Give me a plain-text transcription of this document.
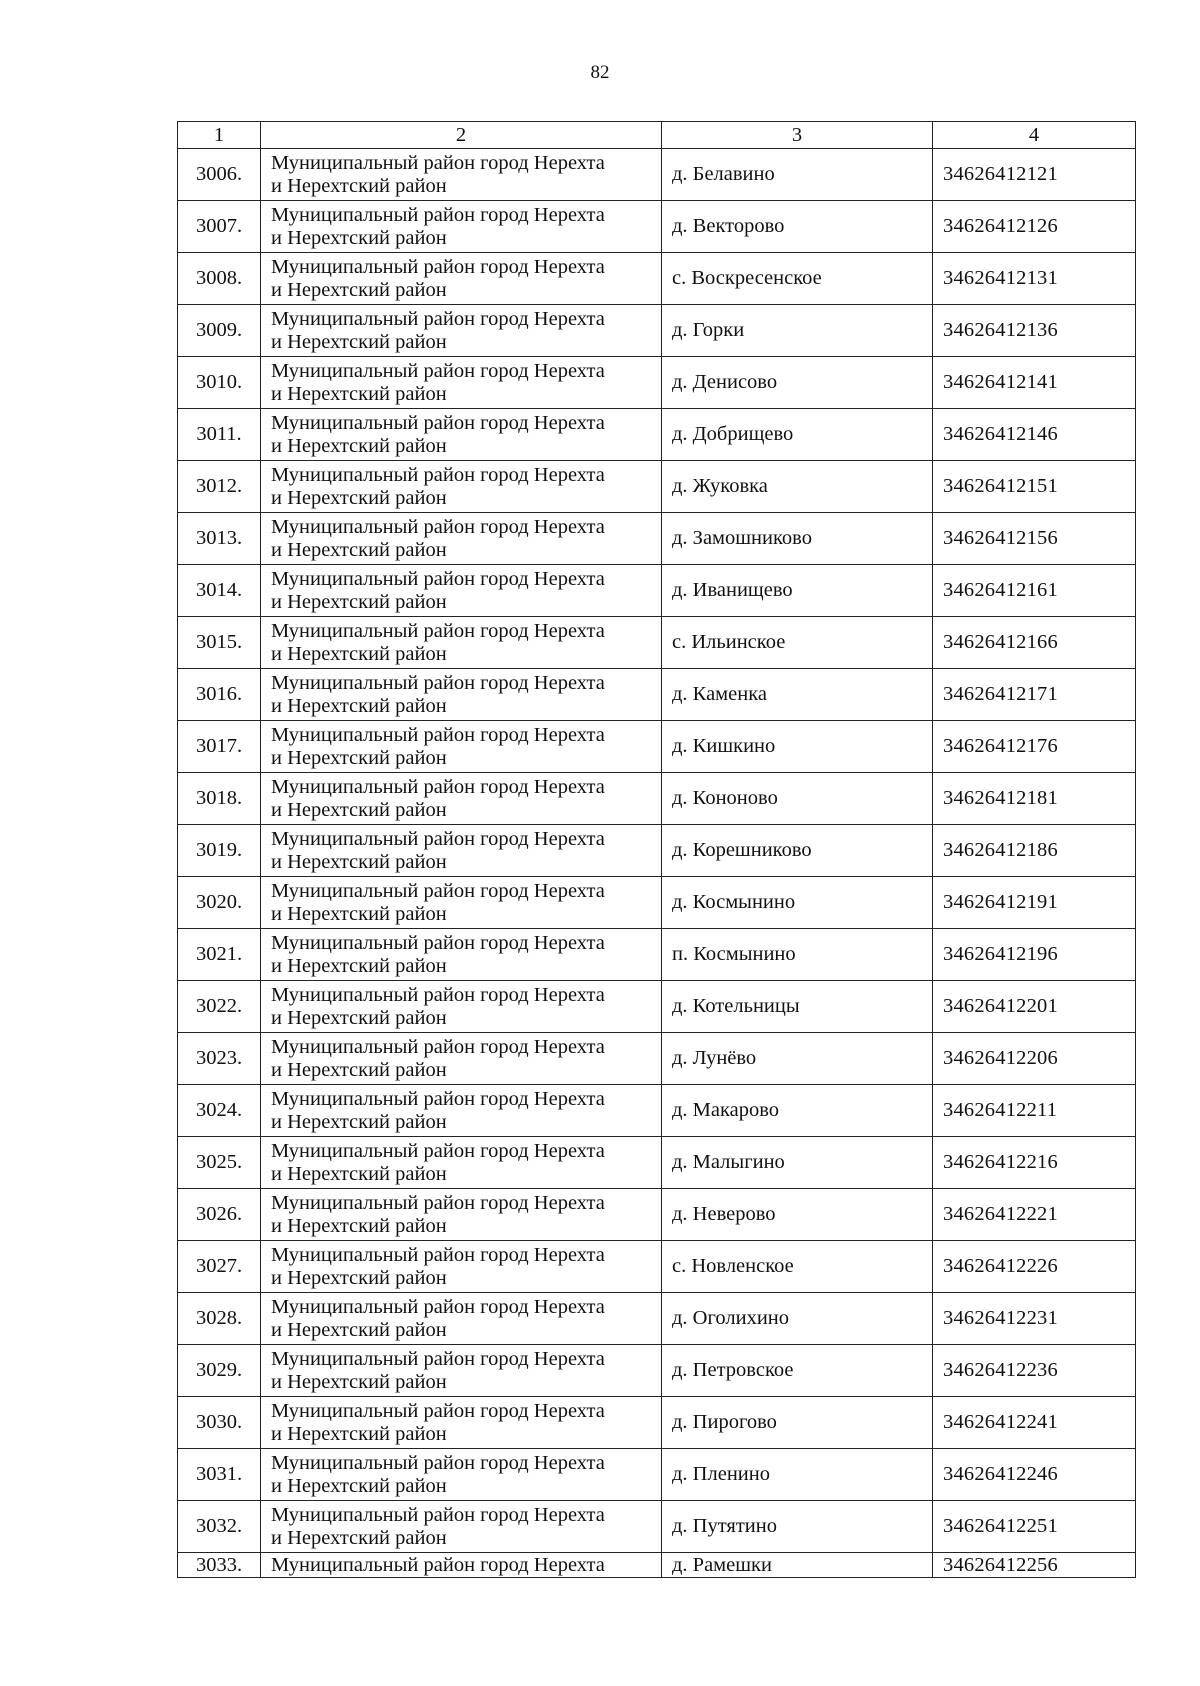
82
1	2	3	4
3006.	Муниципальный район город Нерехта
и Нерехтский район	д. Белавино	34626412121
3007.	Муниципальный район город Нерехта
и Нерехтский район	д. Векторово	34626412126
3008.	Муниципальный район город Нерехта
и Нерехтский район	с. Воскресенское	34626412131
3009.	Муниципальный район город Нерехта
и Нерехтский район	д. Горки	34626412136
3010.	Муниципальный район город Нерехта
и Нерехтский район	д. Денисово	34626412141
3011.	Муниципальный район город Нерехта
и Нерехтский район	д. Добрищево	34626412146
3012.	Муниципальный район город Нерехта
и Нерехтский район	д. Жуковка	34626412151
3013.	Муниципальный район город Нерехта
и Нерехтский район	д. Замошниково	34626412156
3014.	Муниципальный район город Нерехта
и Нерехтский район	д. Иванищево	34626412161
3015.	Муниципальный район город Нерехта
и Нерехтский район	с. Ильинское	34626412166
3016.	Муниципальный район город Нерехта
и Нерехтский район	д. Каменка	34626412171
3017.	Муниципальный район город Нерехта
и Нерехтский район	д. Кишкино	34626412176
3018.	Муниципальный район город Нерехта
и Нерехтский район	д. Кононово	34626412181
3019.	Муниципальный район город Нерехта
и Нерехтский район	д. Корешниково	34626412186
3020.	Муниципальный район город Нерехта
и Нерехтский район	д. Космынино	34626412191
3021.	Муниципальный район город Нерехта
и Нерехтский район	п. Космынино	34626412196
3022.	Муниципальный район город Нерехта
и Нерехтский район	д. Котельницы	34626412201
3023.	Муниципальный район город Нерехта
и Нерехтский район	д. Лунёво	34626412206
3024.	Муниципальный район город Нерехта
и Нерехтский район	д. Макарово	34626412211
3025.	Муниципальный район город Нерехта
и Нерехтский район	д. Малыгино	34626412216
3026.	Муниципальный район город Нерехта
и Нерехтский район	д. Неверово	34626412221
3027.	Муниципальный район город Нерехта
и Нерехтский район	с. Новленское	34626412226
3028.	Муниципальный район город Нерехта
и Нерехтский район	д. Оголихино	34626412231
3029.	Муниципальный район город Нерехта
и Нерехтский район	д. Петровское	34626412236
3030.	Муниципальный район город Нерехта
и Нерехтский район	д. Пирогово	34626412241
3031.	Муниципальный район город Нерехта
и Нерехтский район	д. Пленино	34626412246
3032.	Муниципальный район город Нерехта
и Нерехтский район	д. Путятино	34626412251
3033.	Муниципальный район город Нерехта	д. Рамешки	34626412256
